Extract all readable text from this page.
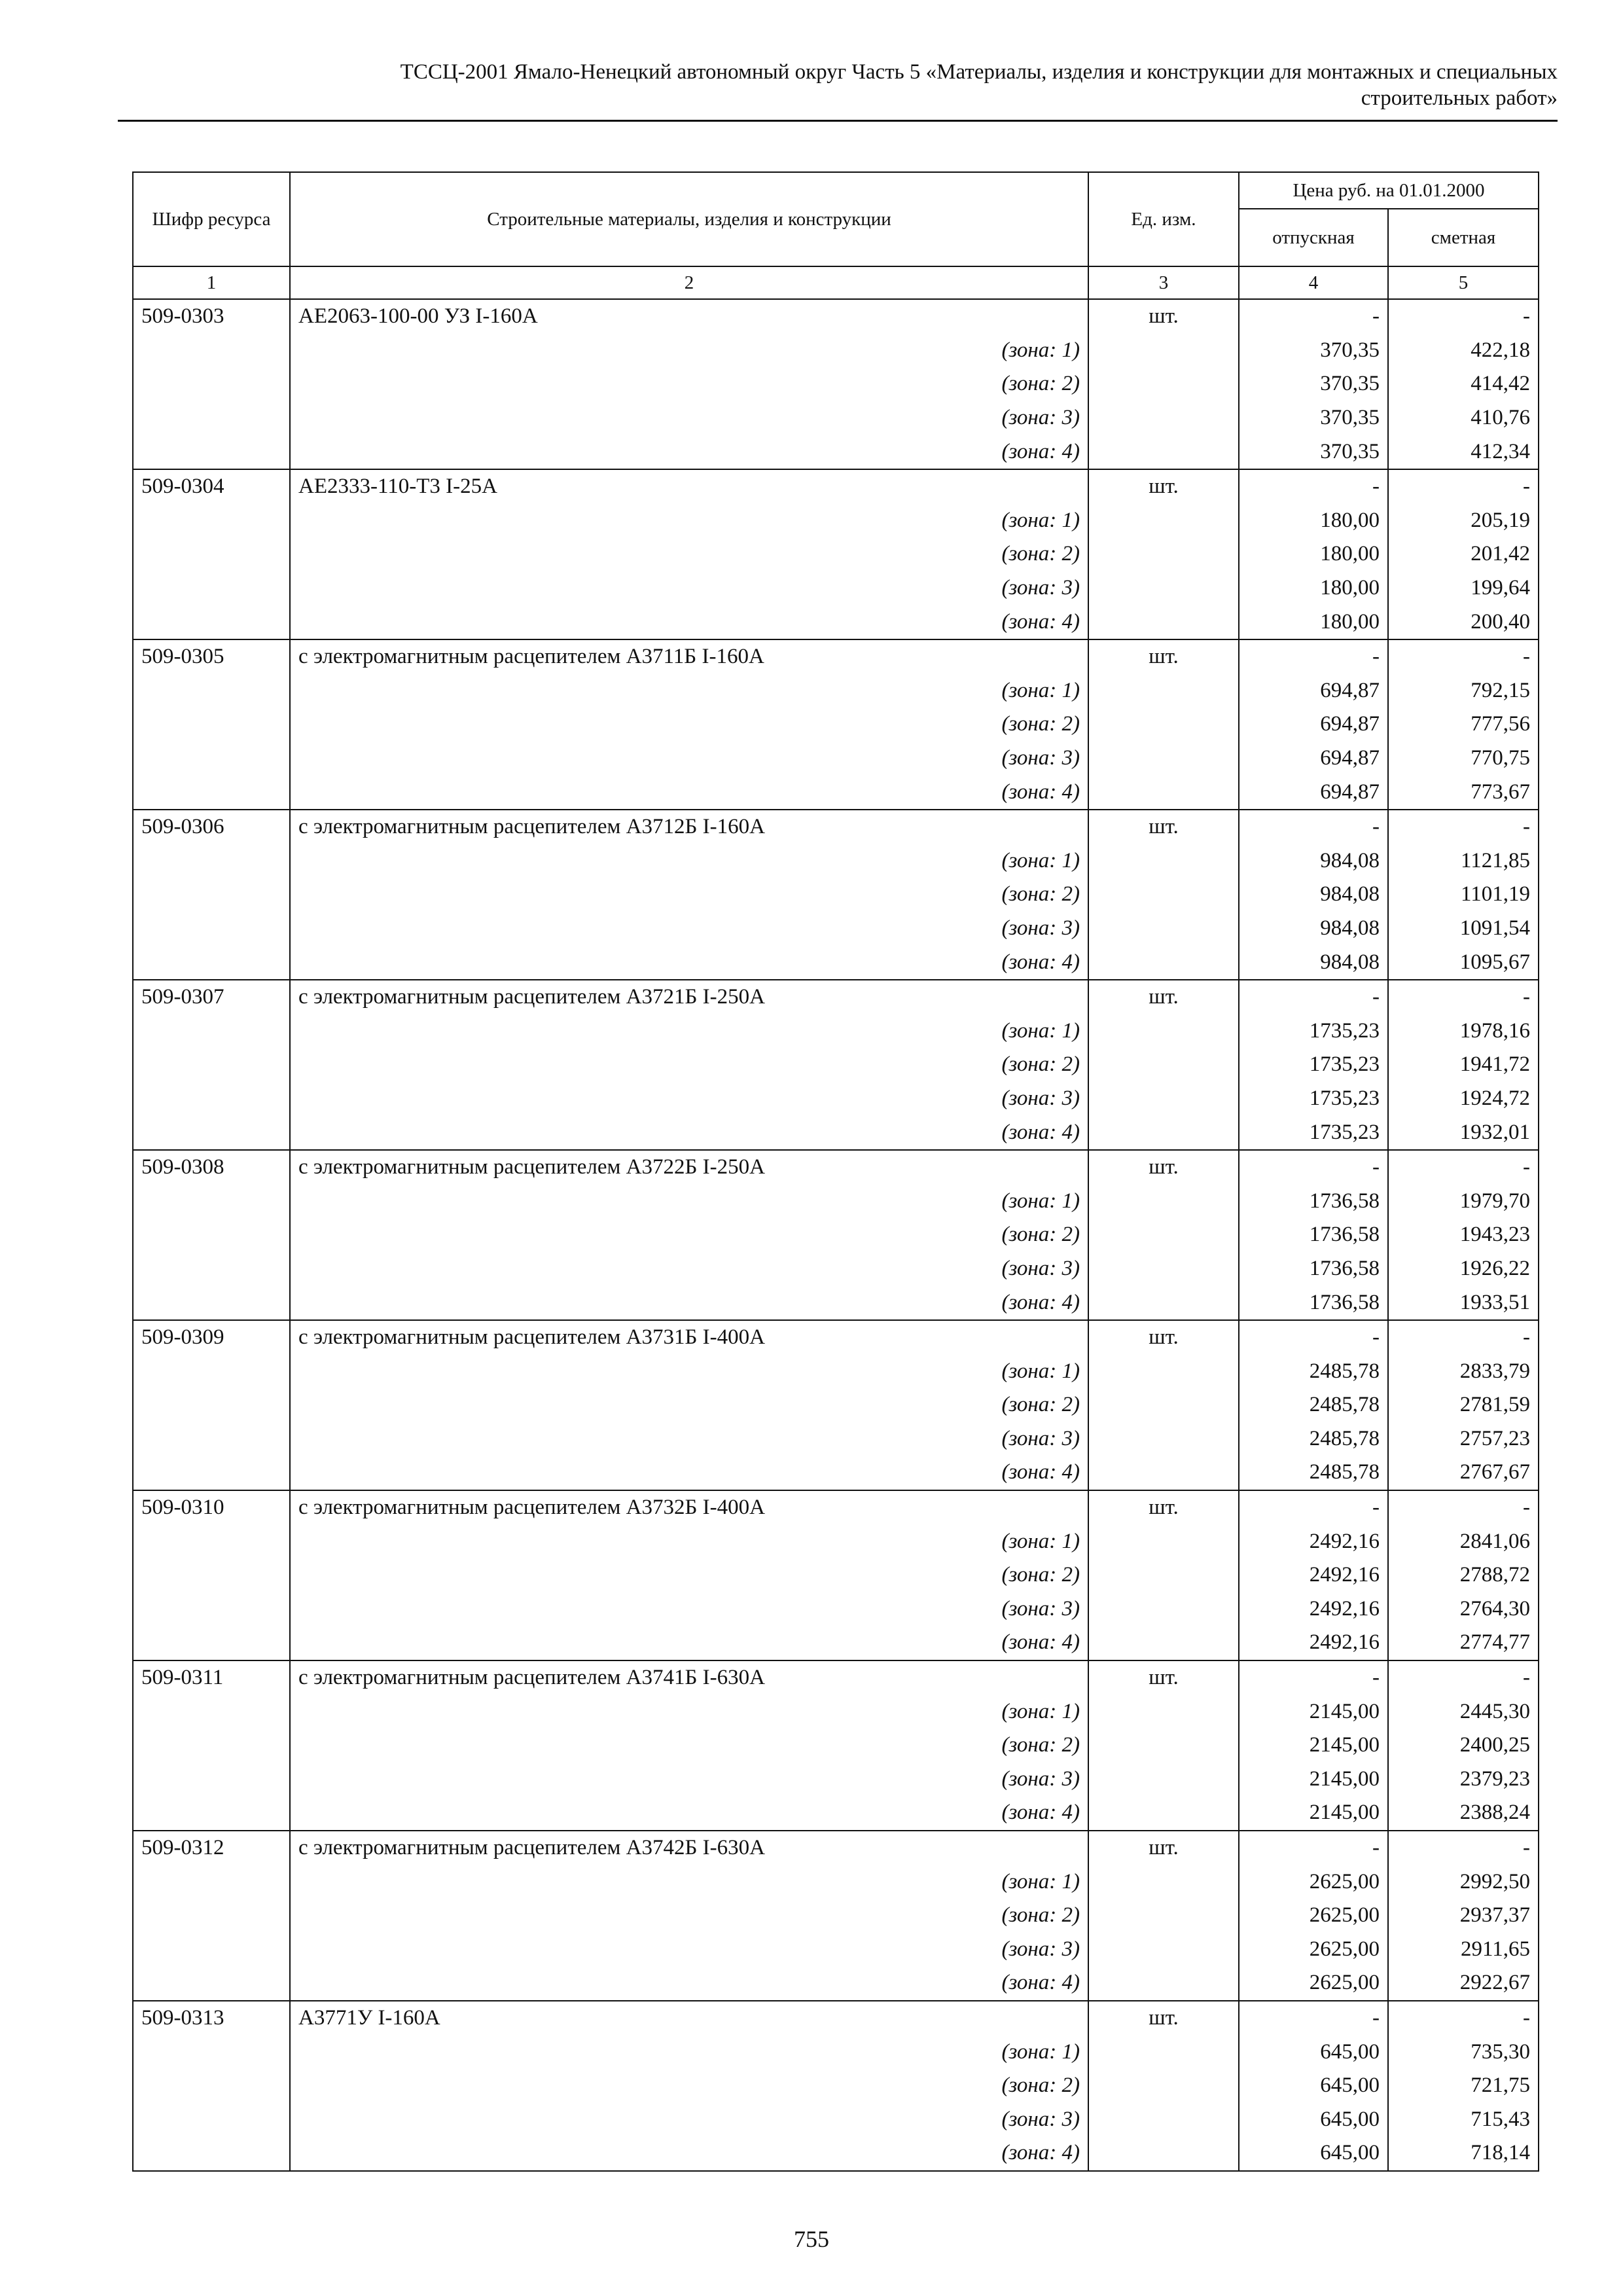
ТССЦ-2001 Ямало-Ненецкий автономный округ Часть 5 «Материалы, изделия и конструкции для монтажных и специальных
строительных работ»
Шифр ресурса	Строительные материалы, изделия и конструкции	Ед. изм.	Цена руб. на 01.01.2000	
			отпускная	сметная
1	2	3	4	5
509-0303	АЕ2063-100-00 УЗ I-160А	шт.	-	-
	(зона: 1)		370,35	422,18
	(зона: 2)		370,35	414,42
	(зона: 3)		370,35	410,76
	(зона: 4)		370,35	412,34
509-0304	АЕ2333-110-Т3 I-25А	шт.	-	-
	(зона: 1)		180,00	205,19
	(зона: 2)		180,00	201,42
	(зона: 3)		180,00	199,64
	(зона: 4)		180,00	200,40
509-0305	с электромагнитным расцепителем А3711Б I-160А	шт.	-	-
	(зона: 1)		694,87	792,15
	(зона: 2)		694,87	777,56
	(зона: 3)		694,87	770,75
	(зона: 4)		694,87	773,67
509-0306	с электромагнитным расцепителем А3712Б I-160А	шт.	-	-
	(зона: 1)		984,08	1121,85
	(зона: 2)		984,08	1101,19
	(зона: 3)		984,08	1091,54
	(зона: 4)		984,08	1095,67
509-0307	с электромагнитным расцепителем А3721Б I-250А	шт.	-	-
	(зона: 1)		1735,23	1978,16
	(зона: 2)		1735,23	1941,72
	(зона: 3)		1735,23	1924,72
	(зона: 4)		1735,23	1932,01
509-0308	с электромагнитным расцепителем А3722Б I-250А	шт.	-	-
	(зона: 1)		1736,58	1979,70
	(зона: 2)		1736,58	1943,23
	(зона: 3)		1736,58	1926,22
	(зона: 4)		1736,58	1933,51
509-0309	с электромагнитным расцепителем А3731Б I-400А	шт.	-	-
	(зона: 1)		2485,78	2833,79
	(зона: 2)		2485,78	2781,59
	(зона: 3)		2485,78	2757,23
	(зона: 4)		2485,78	2767,67
509-0310	с электромагнитным расцепителем А3732Б I-400А	шт.	-	-
	(зона: 1)		2492,16	2841,06
	(зона: 2)		2492,16	2788,72
	(зона: 3)		2492,16	2764,30
	(зона: 4)		2492,16	2774,77
509-0311	с электромагнитным расцепителем А3741Б I-630А	шт.	-	-
	(зона: 1)		2145,00	2445,30
	(зона: 2)		2145,00	2400,25
	(зона: 3)		2145,00	2379,23
	(зона: 4)		2145,00	2388,24
509-0312	с электромагнитным расцепителем А3742Б I-630А	шт.	-	-
	(зона: 1)		2625,00	2992,50
	(зона: 2)		2625,00	2937,37
	(зона: 3)		2625,00	2911,65
	(зона: 4)		2625,00	2922,67
509-0313	А3771У I-160А	шт.	-	-
	(зона: 1)		645,00	735,30
	(зона: 2)		645,00	721,75
	(зона: 3)		645,00	715,43
	(зона: 4)		645,00	718,14
755
